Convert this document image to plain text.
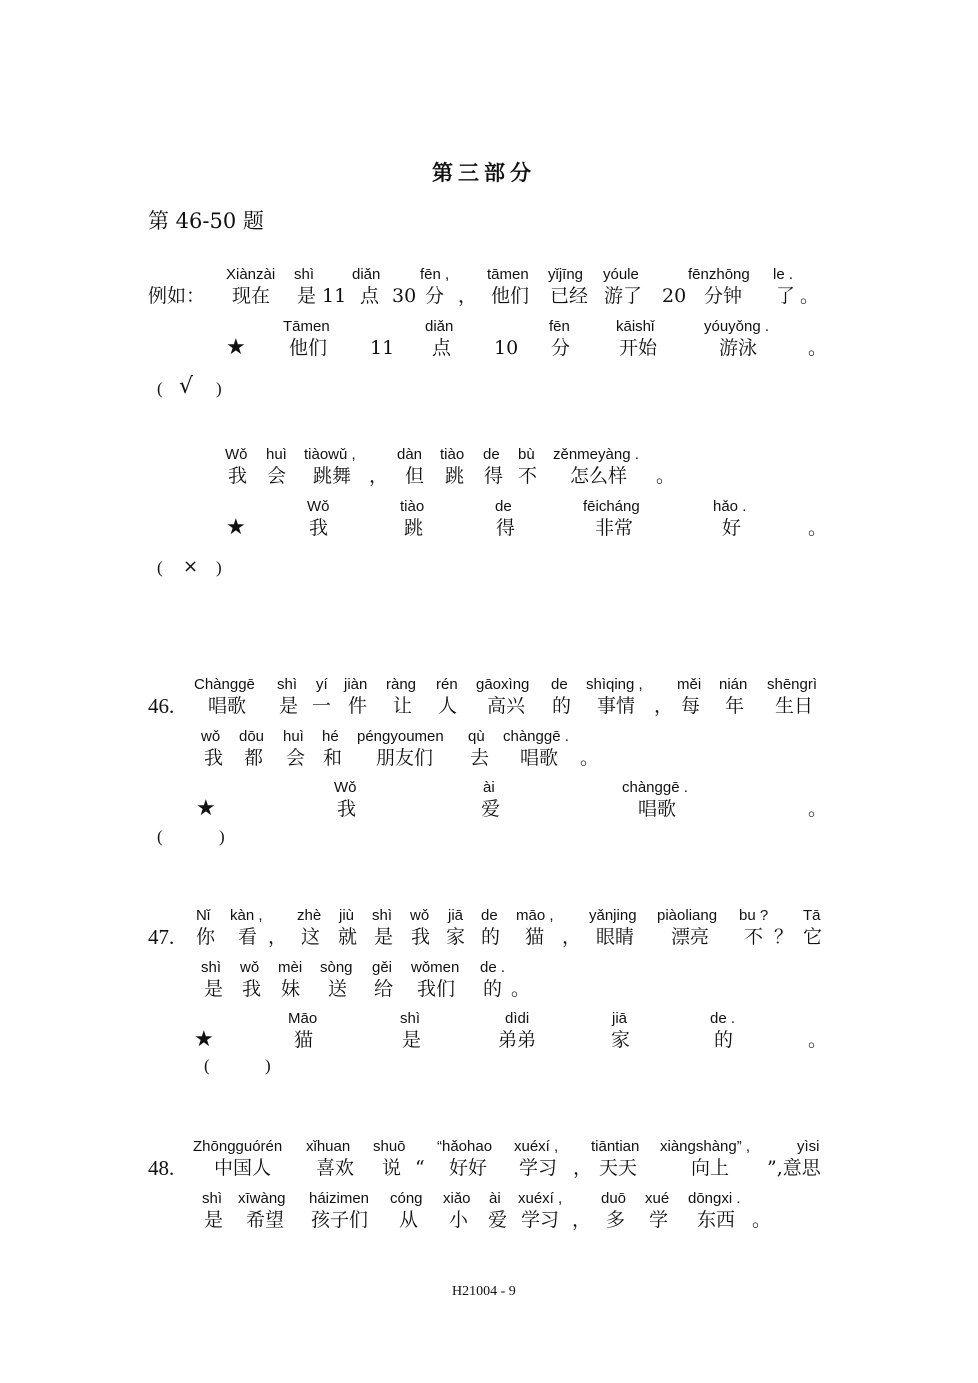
第三部分
第 46-50 题
Xiànzài shì	diǎn	fēn ,	tāmen yǐjīng yóule	fēnzhōng le .
例如： 现在 是 11 点 30 分 ， 他们 已经 游了 20 分钟 了 。
Tāmen	diǎn	fēn	kāishǐ	yóuyǒng .
★ 他们 11 点 10 分	开始	游泳	。
( √ )
Wǒ huì tiàowǔ ,	dàn tiào de bù zěnmeyàng .
我 会 跳舞 ， 但 跳 得 不 怎么样 。
Wǒ	tiào	de	fēicháng	hǎo .
★	我	跳	得	非常	好	。
( × )
Chànggē shì yí jiàn ràng rén gāoxìng de shìqing , měi nián shēngrì
46. 唱歌 是 一 件 让 人 高兴 的 事情 ， 每 年 生日
wǒ dōu huì hé péngyoumen qù chànggē .
我 都 会 和 朋友们 去 唱歌 。
Wǒ	ài	chànggē .
★	我	爱	唱歌	。
(	)
Nǐ kàn , zhè jiù shì wǒ jiā de māo , yǎnjing piàoliang bu ? Tā
47. 你 看 ， 这 就 是 我 家 的 猫 ， 眼睛 漂亮 不 ？ 它
shì wǒ mèi sòng gěi wǒmen de .
是 我 妹 送 给 我们 的 。
Māo	shì	dìdi	jiā	de .
★	猫	是	弟弟	家	的	。
(	)
Zhōngguórén xǐhuan shuō “hǎohao xuéxí , tiāntian xiàngshàng” ,	yìsi
48. 中国人 喜欢 说 “ 好好 学习 ， 天天	向上 ”,意思
shì xīwàng háizimen cóng xiǎo ài xuéxí ,	duō xué dōngxi .
是 希望 孩子们 从 小 爱 学习 ， 多 学 东西 。
H21004 - 9
